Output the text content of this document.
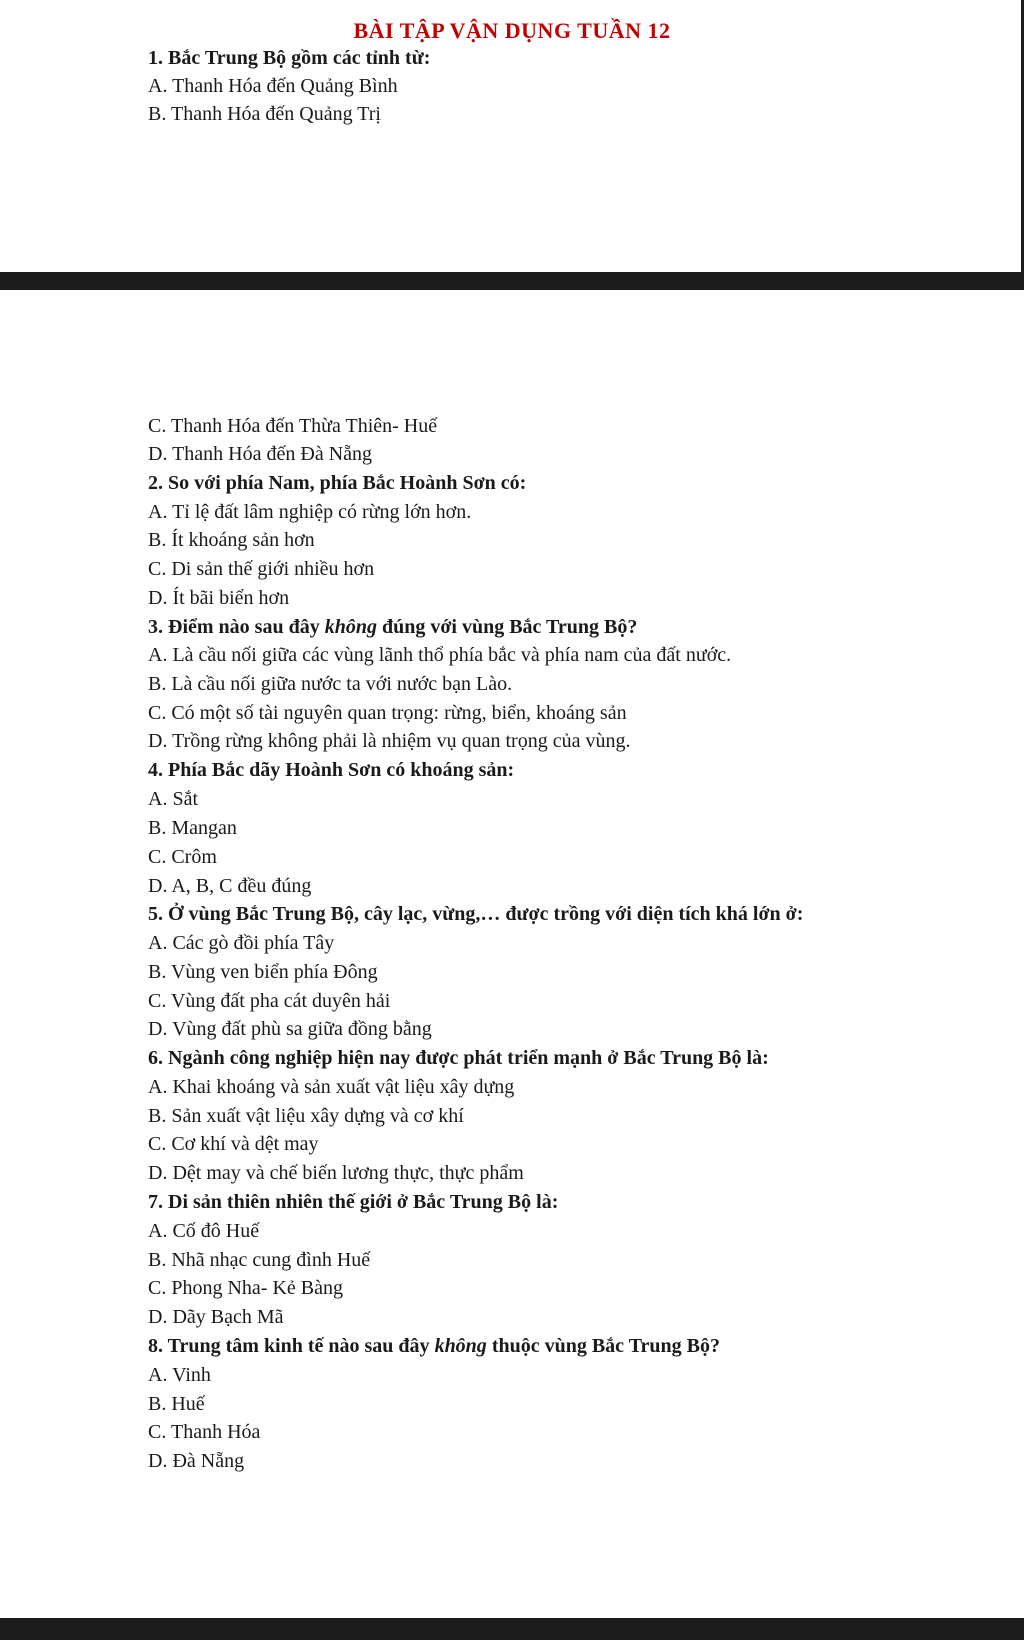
BÀI TẬP VẬN DỤNG TUẦN 12
1. Bắc Trung Bộ gồm các tỉnh từ:
A. Thanh Hóa đến Quảng Bình
B. Thanh Hóa đến Quảng Trị
C. Thanh Hóa đến Thừa Thiên- Huế
D. Thanh Hóa đến Đà Nẵng
2. So với phía Nam, phía Bắc Hoành Sơn có:
A. Tỉ lệ đất lâm nghiệp có rừng lớn hơn.
B. Ít khoáng sản hơn
C. Di sản thế giới nhiều hơn
D. Ít bãi biển hơn
3. Điểm nào sau đây không đúng với vùng Bắc Trung Bộ?
A. Là cầu nối giữa các vùng lãnh thổ phía bắc và phía nam của đất nước.
B. Là cầu nối giữa nước ta với nước bạn Lào.
C. Có một số tài nguyên quan trọng: rừng, biển, khoáng sản
D. Trồng rừng không phải là nhiệm vụ quan trọng của vùng.
4. Phía Bắc dãy Hoành Sơn có khoáng sản:
A. Sắt
B. Mangan
C. Crôm
D. A, B, C đều đúng
5. Ở vùng Bắc Trung Bộ, cây lạc, vừng,… được trồng với diện tích khá lớn ở:
A. Các gò đồi phía Tây
B. Vùng ven biển phía Đông
C. Vùng đất pha cát duyên hải
D. Vùng đất phù sa giữa đồng bằng
6. Ngành công nghiệp hiện nay được phát triển mạnh ở Bắc Trung Bộ là:
A. Khai khoáng và sản xuất vật liệu xây dựng
B. Sản xuất vật liệu xây dựng và cơ khí
C. Cơ khí và dệt may
D. Dệt may và chế biến lương thực, thực phẩm
7. Di sản thiên nhiên thế giới ở Bắc Trung Bộ là:
A. Cố đô Huế
B. Nhã nhạc cung đình Huế
C. Phong Nha- Kẻ Bàng
D. Dãy Bạch Mã
8. Trung tâm kinh tế nào sau đây không thuộc vùng Bắc Trung Bộ?
A. Vinh
B. Huế
C. Thanh Hóa
D. Đà Nẵng
